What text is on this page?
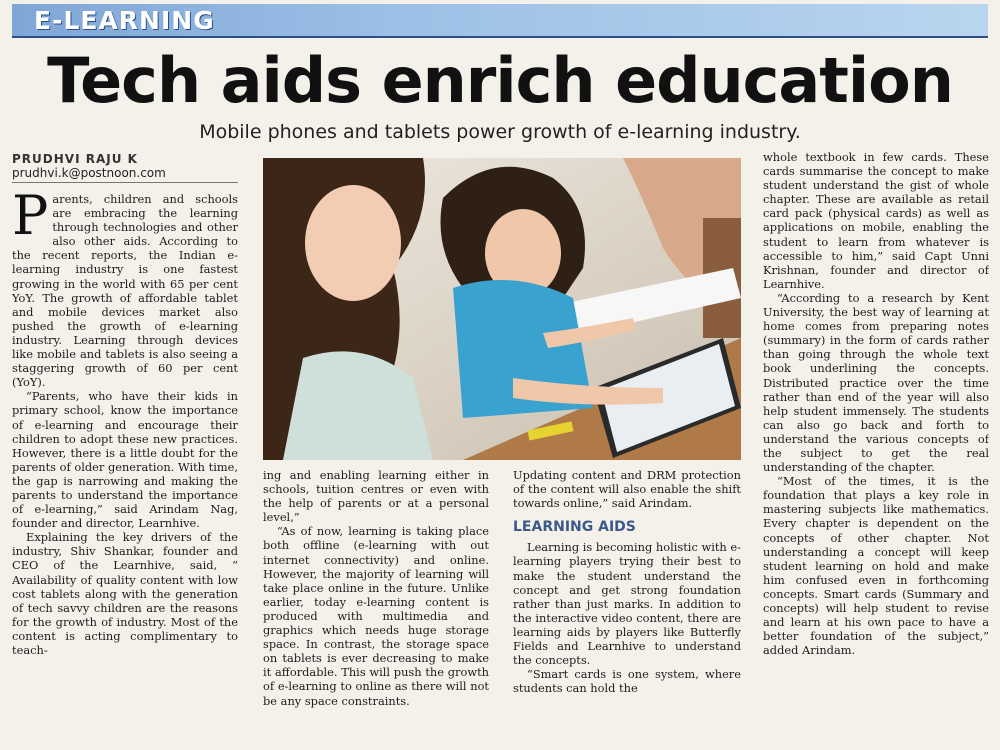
E-LEARNING
Tech aids enrich education
Mobile phones and tablets power growth of e-learning industry.
PRUDHVI RAJU K
prudhvi.k@postnoon.com

Parents, children and schools are embracing the learning through technologies and other also other aids. According to the recent reports, the Indian e-learning industry is one fastest growing in the world with 65 per cent YoY. The growth of affordable tablet and mobile devices market also pushed the growth of e-learning industry. Learning through devices like mobile and tablets is also seeing a staggering growth of 60 per cent (YoY).

“Parents, who have their kids in primary school, know the importance of e-learning and encourage their children to adopt these new practices. However, there is a little doubt for the parents of older generation. With time, the gap is narrowing and making the parents to understand the importance of e-learning,” said Arindam Nag, founder and director, Learnhive.

Explaining the key drivers of the industry, Shiv Shankar, founder and CEO of the Learnhive, said, “ Availability of quality content with low cost tablets along with the generation of tech savvy children are the reasons for the growth of industry. Most of the content is acting complimentary to teach-

ing and enabling learning either in schools, tuition centres or even with the help of parents or at a personal level,”

“As of now, learning is taking place both offline (e-learning with out internet connectivity) and online. However, the majority of learning will take place online in the future. Unlike earlier, today e-learning content is produced with multimedia and graphics which needs huge storage space. In contrast, the storage space on tablets is ever decreasing to make it affordable. This will push the growth of e-learning to online as there will not be any space constraints.

Updating content and DRM protection of the content will also enable the shift towards online,” said Arindam.

LEARNING AIDS

Learning is becoming holistic with e-learning players trying their best to make the student understand the concept and get strong foundation rather than just marks. In addition to the interactive video content, there are learning aids by players like Butterfly Fields and Learnhive to understand the concepts.

“Smart cards is one system, where students can hold the

whole textbook in few cards. These cards summarise the concept to make student understand the gist of whole chapter. These are available as retail card pack (physical cards) as well as applications on mobile, enabling the student to learn from whatever is accessible to him,” said Capt Unni Krishnan, founder and director of Learnhive.

“According to a research by Kent University, the best way of learning at home comes from preparing notes (summary) in the form of cards rather than going through the whole text book underlining the concepts. Distributed practice over the time rather than end of the year will also help student immensely. The students can also go back and forth to understand the various concepts of the subject to get the real understanding of the chapter.

“Most of the times, it is the foundation that plays a key role in mastering subjects like mathematics. Every chapter is dependent on the concepts of other chapter. Not understanding a concept will keep student learning on hold and make him confused even in forthcoming concepts. Smart cards (Summary and concepts) will help student to revise and learn at his own pace to have a better foundation of the subject,” added Arindam.
